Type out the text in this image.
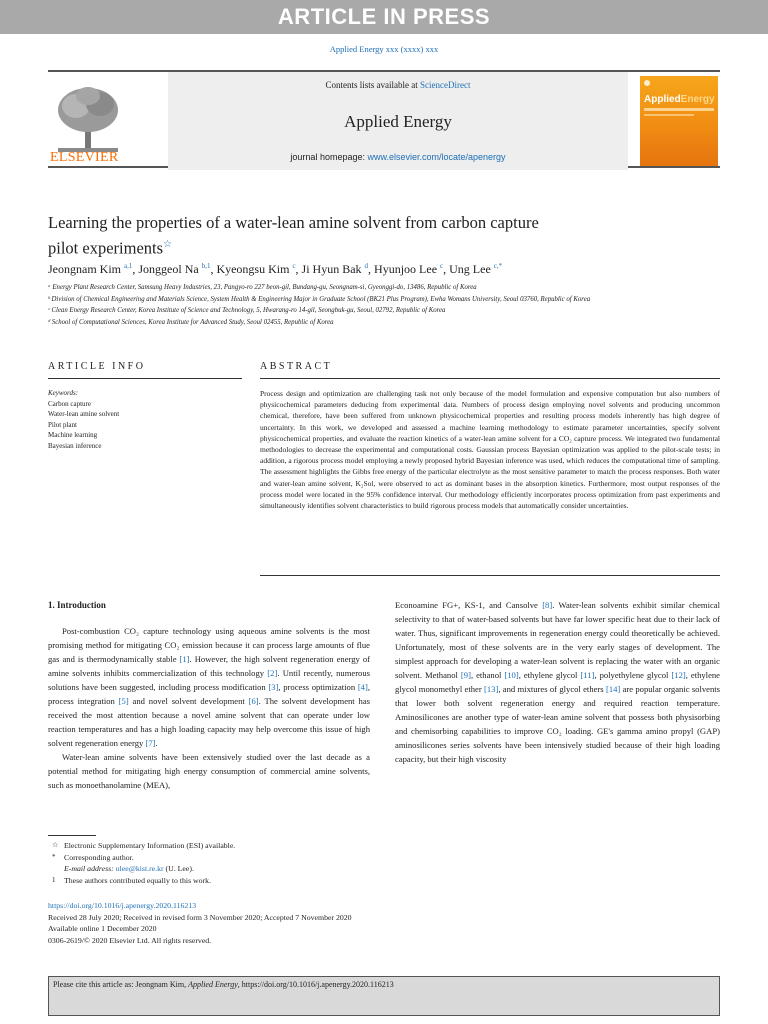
ARTICLE IN PRESS
Applied Energy xxx (xxxx) xxx
ELSEVIER
Contents lists available at ScienceDirect
Applied Energy
journal homepage: www.elsevier.com/locate/apenergy
AppliedEnergy
Learning the properties of a water-lean amine solvent from carbon capture
pilot experiments☆
Jeongnam Kim $^{a,1}$, Jonggeol Na $^{b,1}$, Kyeongsu Kim $^c$, Ji Hyun Bak $^d$, Hyunjoo Lee $^c$, Ung Lee $^{c,*}$
ᵃ Energy Plant Research Center, Samsung Heavy Industries, 23, Pangyo-ro 227 beon-gil, Bundang-gu, Seongnam-si, Gyeonggi-do, 13486, Republic of Korea
ᵇ Division of Chemical Engineering and Materials Science, System Health & Engineering Major in Graduate School (BK21 Plus Program), Ewha Womans University, Seoul 03760, Republic of Korea
ᶜ Clean Energy Research Center, Korea Institute of Science and Technology, 5, Hwarang-ro 14-gil, Seongbuk-gu, Seoul, 02792, Republic of Korea
ᵈ School of Computational Sciences, Korea Institute for Advanced Study, Seoul 02455, Republic of Korea
ARTICLE INFO	ABSTRACT
Keywords:
Carbon capture
Water-lean amine solvent
Pilot plant
Machine learning
Bayesian inference
Process design and optimization are challenging task not only because of the model formulation and expensive computation but also numbers of physicochemical parameters deducing from experimental data. Numbers of process design employing novel solvents and producing uncommon chemical, therefore, have been suffered from unknown physicochemical properties and resulting process models inherently has high degree of uncertainty. In this work, we developed and assessed a machine learning methodology to estimate parameter uncertainties, specify solvent physicochemical properties, and evaluate the reaction kinetics of a water-lean amine solvent for a CO₂ capture process. We integrated two fundamental methodologies to decrease the experimental and computational costs. Gaussian process Bayesian optimization was applied to the pilot-scale tests; in addition, a rigorous process model employing a newly proposed hybrid Bayesian inference was used, which reduces the computational time of sampling. The assessment highlights the Gibbs free energy of the particular electrolyte as the most sensitive parameter to match the process responses. Both water and water-lean amine solvent, K₂Sol, were observed to act as dominant bases in the absorption kinetics. Furthermore, most output responses of the process model were located in the 95% confidence interval. Our methodology efficiently incorporates process optimization from past experiments and simultaneously identifies solvent characteristics to build rigorous process models that automatically consider uncertainties.
1. Introduction

Post-combustion CO₂ capture technology using aqueous amine solvents is the most promising method for mitigating CO₂ emission because it can process large amounts of flue gas and is thermodynamically stable [1]. However, the high solvent regeneration energy of amine solvents inhibits commercialization of this technology [2]. Until recently, numerous solutions have been suggested, including process modification [3], process optimization [4], process integration [5] and novel solvent development [6]. The solvent development has received the most attention because a novel amine solvent that can operate under low reaction temperatures and has a high loading capacity may help overcome this issue of high solvent regeneration energy [7].

Water-lean amine solvents have been extensively studied over the last decade as a potential method for mitigating high energy consumption of commercial amine solvents, such as monoethanolamine (MEA),

Econoamine FG+, KS-1, and Cansolve [8]. Water-lean solvents exhibit similar chemical selectivity to that of water-based solvents but have far lower specific heat due to their lack of water. Thus, significant improvements in regeneration energy could theoretically be achieved. Unfortunately, most of these solvents are in the very early stages of development. The simplest approach for developing a water-lean solvent is replacing the water with an organic solvent. Methanol [9], ethanol [10], ethylene glycol [11], polyethylene glycol [12], ethylene glycol monomethyl ether [13], and mixtures of glycol ethers [14] are popular organic solvents that lower both solvent regeneration energy and required reaction temperature. Aminosilicones are another type of water-lean amine solvent that possess both physisorbing and chemisorbing capabilities to improve CO₂ loading. GE's gamma amino propyl (GAP) aminosilicones series solvents have been intensively studied because of their high loading capacity, but their high viscosity

☆ Electronic Supplementary Information (ESI) available.
* Corresponding author.
E-mail address: ulee@kist.re.kr (U. Lee).
1 These authors contributed equally to this work.
https://doi.org/10.1016/j.apenergy.2020.116213
Received 28 July 2020; Received in revised form 3 November 2020; Accepted 7 November 2020
Available online 1 December 2020
0306-2619/© 2020 Elsevier Ltd. All rights reserved.
Please cite this article as: Jeongnam Kim, Applied Energy, https://doi.org/10.1016/j.apenergy.2020.116213
